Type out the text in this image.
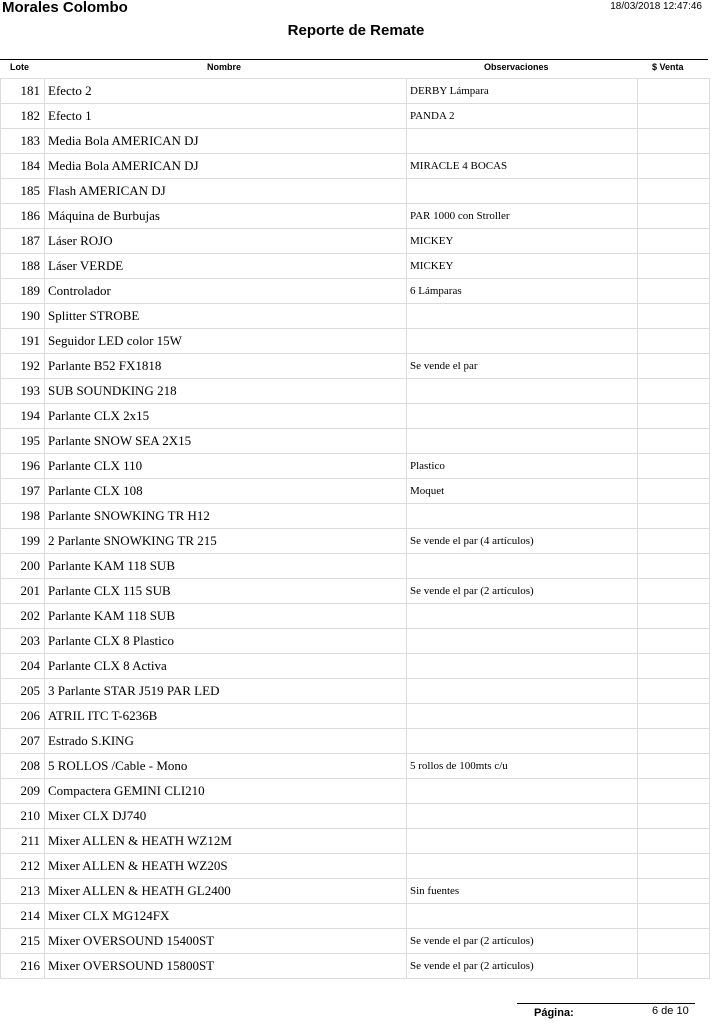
Morales Colombo	18/03/2018 12:47:46
Reporte de Remate
Lote	Nombre	Observaciones	$ Venta
181	Efecto 2	DERBY Lámpara	
182	Efecto 1	PANDA 2	
183	Media Bola AMERICAN DJ		
184	Media Bola AMERICAN DJ	MIRACLE 4 BOCAS	
185	Flash AMERICAN DJ		
186	Máquina de Burbujas	PAR 1000 con Stroller	
187	Láser ROJO	MICKEY	
188	Láser VERDE	MICKEY	
189	Controlador	6 Lámparas	
190	Splitter STROBE		
191	Seguidor LED color 15W		
192	Parlante B52 FX1818	Se vende el par	
193	SUB SOUNDKING 218		
194	Parlante CLX 2x15		
195	Parlante SNOW SEA 2X15		
196	Parlante CLX 110	Plastico	
197	Parlante CLX 108	Moquet	
198	Parlante SNOWKING TR H12		
199	2 Parlante SNOWKING TR 215	Se vende el par (4 artículos)	
200	Parlante KAM 118 SUB		
201	Parlante CLX 115 SUB	Se vende el par (2 artículos)	
202	Parlante KAM 118 SUB		
203	Parlante CLX 8 Plastico		
204	Parlante CLX 8 Activa		
205	3 Parlante STAR J519 PAR LED		
206	ATRIL ITC T-6236B		
207	Estrado S.KING		
208	5 ROLLOS /Cable - Mono	5 rollos de 100mts c/u	
209	Compactera GEMINI CLI210		
210	Mixer CLX DJ740		
211	Mixer ALLEN & HEATH WZ12M		
212	Mixer ALLEN & HEATH WZ20S		
213	Mixer ALLEN & HEATH GL2400	Sin fuentes	
214	Mixer CLX MG124FX		
215	Mixer OVERSOUND 15400ST	Se vende el par (2 artículos)	
216	Mixer OVERSOUND 15800ST	Se vende el par (2 artículos)	
Página:	6 de 10
